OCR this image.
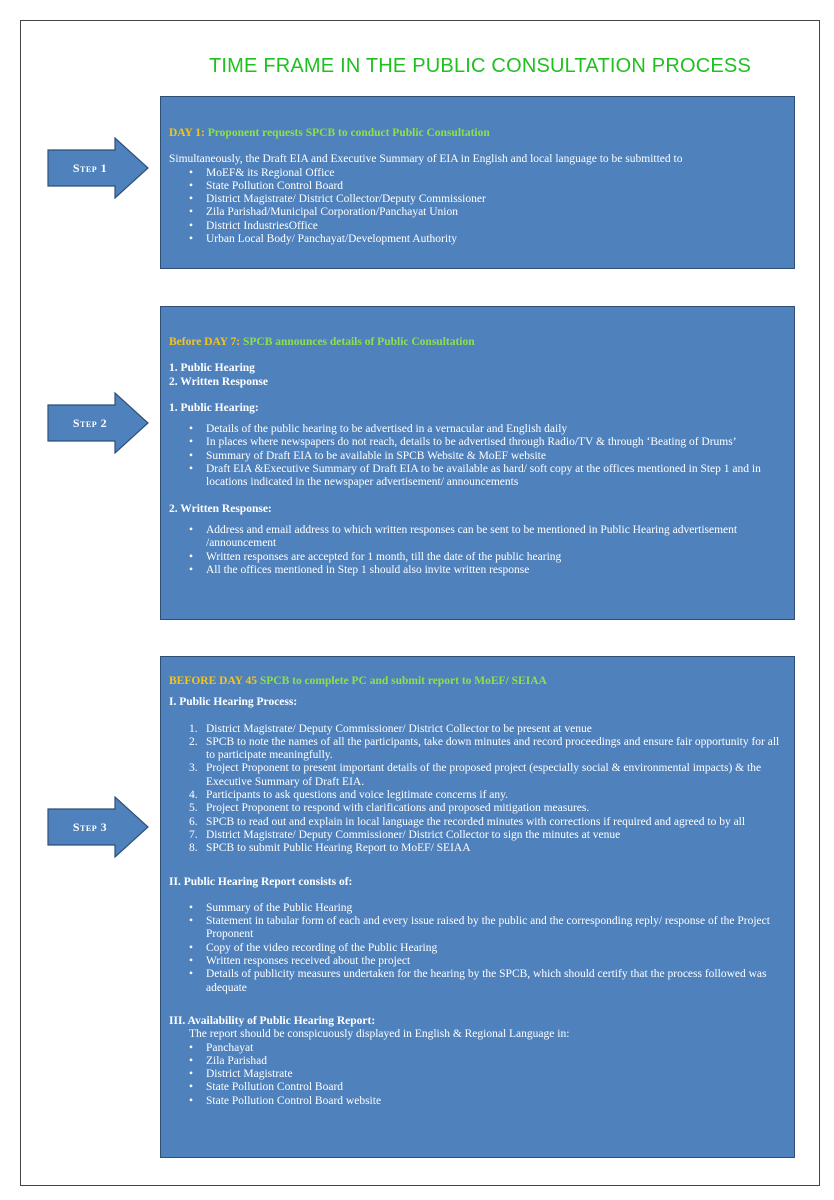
TIME FRAME IN THE PUBLIC CONSULTATION PROCESS
Step 1
Step 2
Step 3
DAY 1: Proponent requests SPCB to conduct Public Consultation
Simultaneously, the Draft EIA and Executive Summary of EIA in English and local language to be submitted to
• MoEF& its Regional Office
• State Pollution Control Board
• District Magistrate/ District Collector/Deputy Commissioner
• Zila Parishad/Municipal Corporation/Panchayat Union
• District IndustriesOffice
• Urban Local Body/ Panchayat/Development Authority
Before DAY 7: SPCB announces details of Public Consultation
1. Public Hearing
2. Written Response
1. Public Hearing:
• Details of the public hearing to be advertised in a vernacular and English daily
• In places where newspapers do not reach, details to be advertised through Radio/TV & through ‘Beating of Drums’
• Summary of Draft EIA to be available in SPCB Website & MoEF website
• Draft EIA &Executive Summary of Draft EIA to be available as hard/ soft copy at the offices mentioned in Step 1 and in locations indicated in the newspaper advertisement/ announcements
2. Written Response:
• Address and email address to which written responses can be sent to be mentioned in Public Hearing advertisement /announcement
• Written responses are accepted for 1 month, till the date of the public hearing
• All the offices mentioned in Step 1 should also invite written response
BEFORE DAY 45 SPCB to complete PC and submit report to MoEF/ SEIAA
I. Public Hearing Process:
1. District Magistrate/ Deputy Commissioner/ District Collector to be present at venue
2. SPCB to note the names of all the participants, take down minutes and record proceedings and ensure fair opportunity for all to participate meaningfully.
3. Project Proponent to present important details of the proposed project (especially social & environmental impacts) & the Executive Summary of Draft EIA.
4. Participants to ask questions and voice legitimate concerns if any.
5. Project Proponent to respond with clarifications and proposed mitigation measures.
6. SPCB to read out and explain in local language the recorded minutes with corrections if required and agreed to by all
7. District Magistrate/ Deputy Commissioner/ District Collector to sign the minutes at venue
8. SPCB to submit Public Hearing Report to MoEF/ SEIAA
II. Public Hearing Report consists of:
• Summary of the Public Hearing
• Statement in tabular form of each and every issue raised by the public and the corresponding reply/ response of the Project Proponent
• Copy of the video recording of the Public Hearing
• Written responses received about the project
• Details of publicity measures undertaken for the hearing by the SPCB, which should certify that the process followed was adequate
III. Availability of Public Hearing Report:
The report should be conspicuously displayed in English & Regional Language in:
• Panchayat
• Zila Parishad
• District Magistrate
• State Pollution Control Board
• State Pollution Control Board website
